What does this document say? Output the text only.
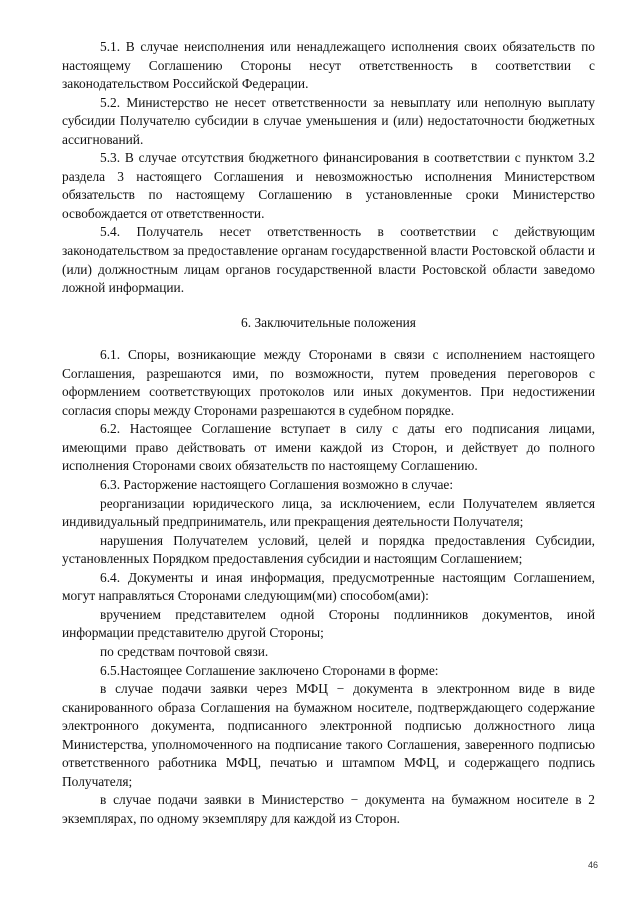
5.1. В случае неисполнения или ненадлежащего исполнения своих обязательств по настоящему Соглашению Стороны несут ответственность в соответствии с законодательством Российской Федерации.

5.2. Министерство не несет ответственности за невыплату или неполную выплату субсидии Получателю субсидии в случае уменьшения и (или) недостаточности бюджетных ассигнований.

5.3. В случае отсутствия бюджетного финансирования в соответствии с пунктом 3.2 раздела 3 настоящего Соглашения и невозможностью исполнения Министерством обязательств по настоящему Соглашению в установленные сроки Министерство освобождается от ответственности.

5.4. Получатель несет ответственность в соответствии с действующим законодательством за предоставление органам государственной власти Ростовской области и (или) должностным лицам органов государственной власти Ростовской области заведомо ложной информации.

6. Заключительные положения

6.1. Споры, возникающие между Сторонами в связи с исполнением настоящего Соглашения, разрешаются ими, по возможности, путем проведения переговоров с оформлением соответствующих протоколов или иных документов. При недостижении согласия споры между Сторонами разрешаются в судебном порядке.

6.2. Настоящее Соглашение вступает в силу с даты его подписания лицами, имеющими право действовать от имени каждой из Сторон, и действует до полного исполнения Сторонами своих обязательств по настоящему Соглашению.

6.3. Расторжение настоящего Соглашения возможно в случае:

реорганизации юридического лица, за исключением, если Получателем является индивидуальный предприниматель, или прекращения деятельности Получателя;

нарушения Получателем условий, целей и порядка предоставления Субсидии, установленных Порядком предоставления субсидии и настоящим Соглашением;

6.4. Документы и иная информация, предусмотренные настоящим Соглашением, могут направляться Сторонами следующим(ми) способом(ами):

вручением представителем одной Стороны подлинников документов, иной информации представителю другой Стороны;

по средствам почтовой связи.

6.5.Настоящее Соглашение заключено Сторонами в форме:

в случае подачи заявки через МФЦ − документа в электронном виде в виде сканированного образа Соглашения на бумажном носителе, подтверждающего содержание электронного документа, подписанного электронной подписью должностного лица Министерства, уполномоченного на подписание такого Соглашения, заверенного подписью ответственного работника МФЦ, печатью и штампом МФЦ, и содержащего подпись Получателя;

в случае подачи заявки в Министерство − документа на бумажном носителе в 2 экземплярах, по одному экземпляру для каждой из Сторон.

46
